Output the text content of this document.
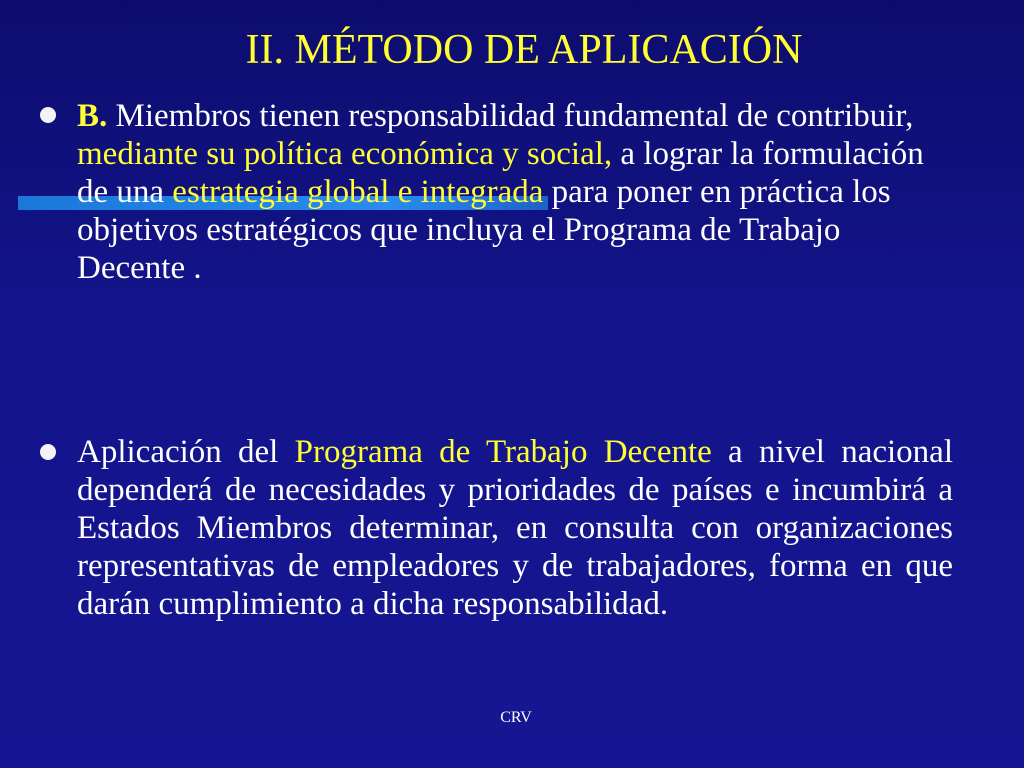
II. MÉTODO DE APLICACIÓN
B. Miembros tienen responsabilidad fundamental de contribuir, mediante su política económica y social, a lograr la formulación de una estrategia global e integrada para poner en práctica los objetivos estratégicos que incluya el Programa de Trabajo Decente .
Aplicación del Programa de Trabajo Decente a nivel nacional dependerá de necesidades y prioridades de países e incumbirá a Estados Miembros determinar, en consulta con organizaciones representativas de empleadores y de trabajadores, forma en que darán cumplimiento a dicha responsabilidad.
CRV
